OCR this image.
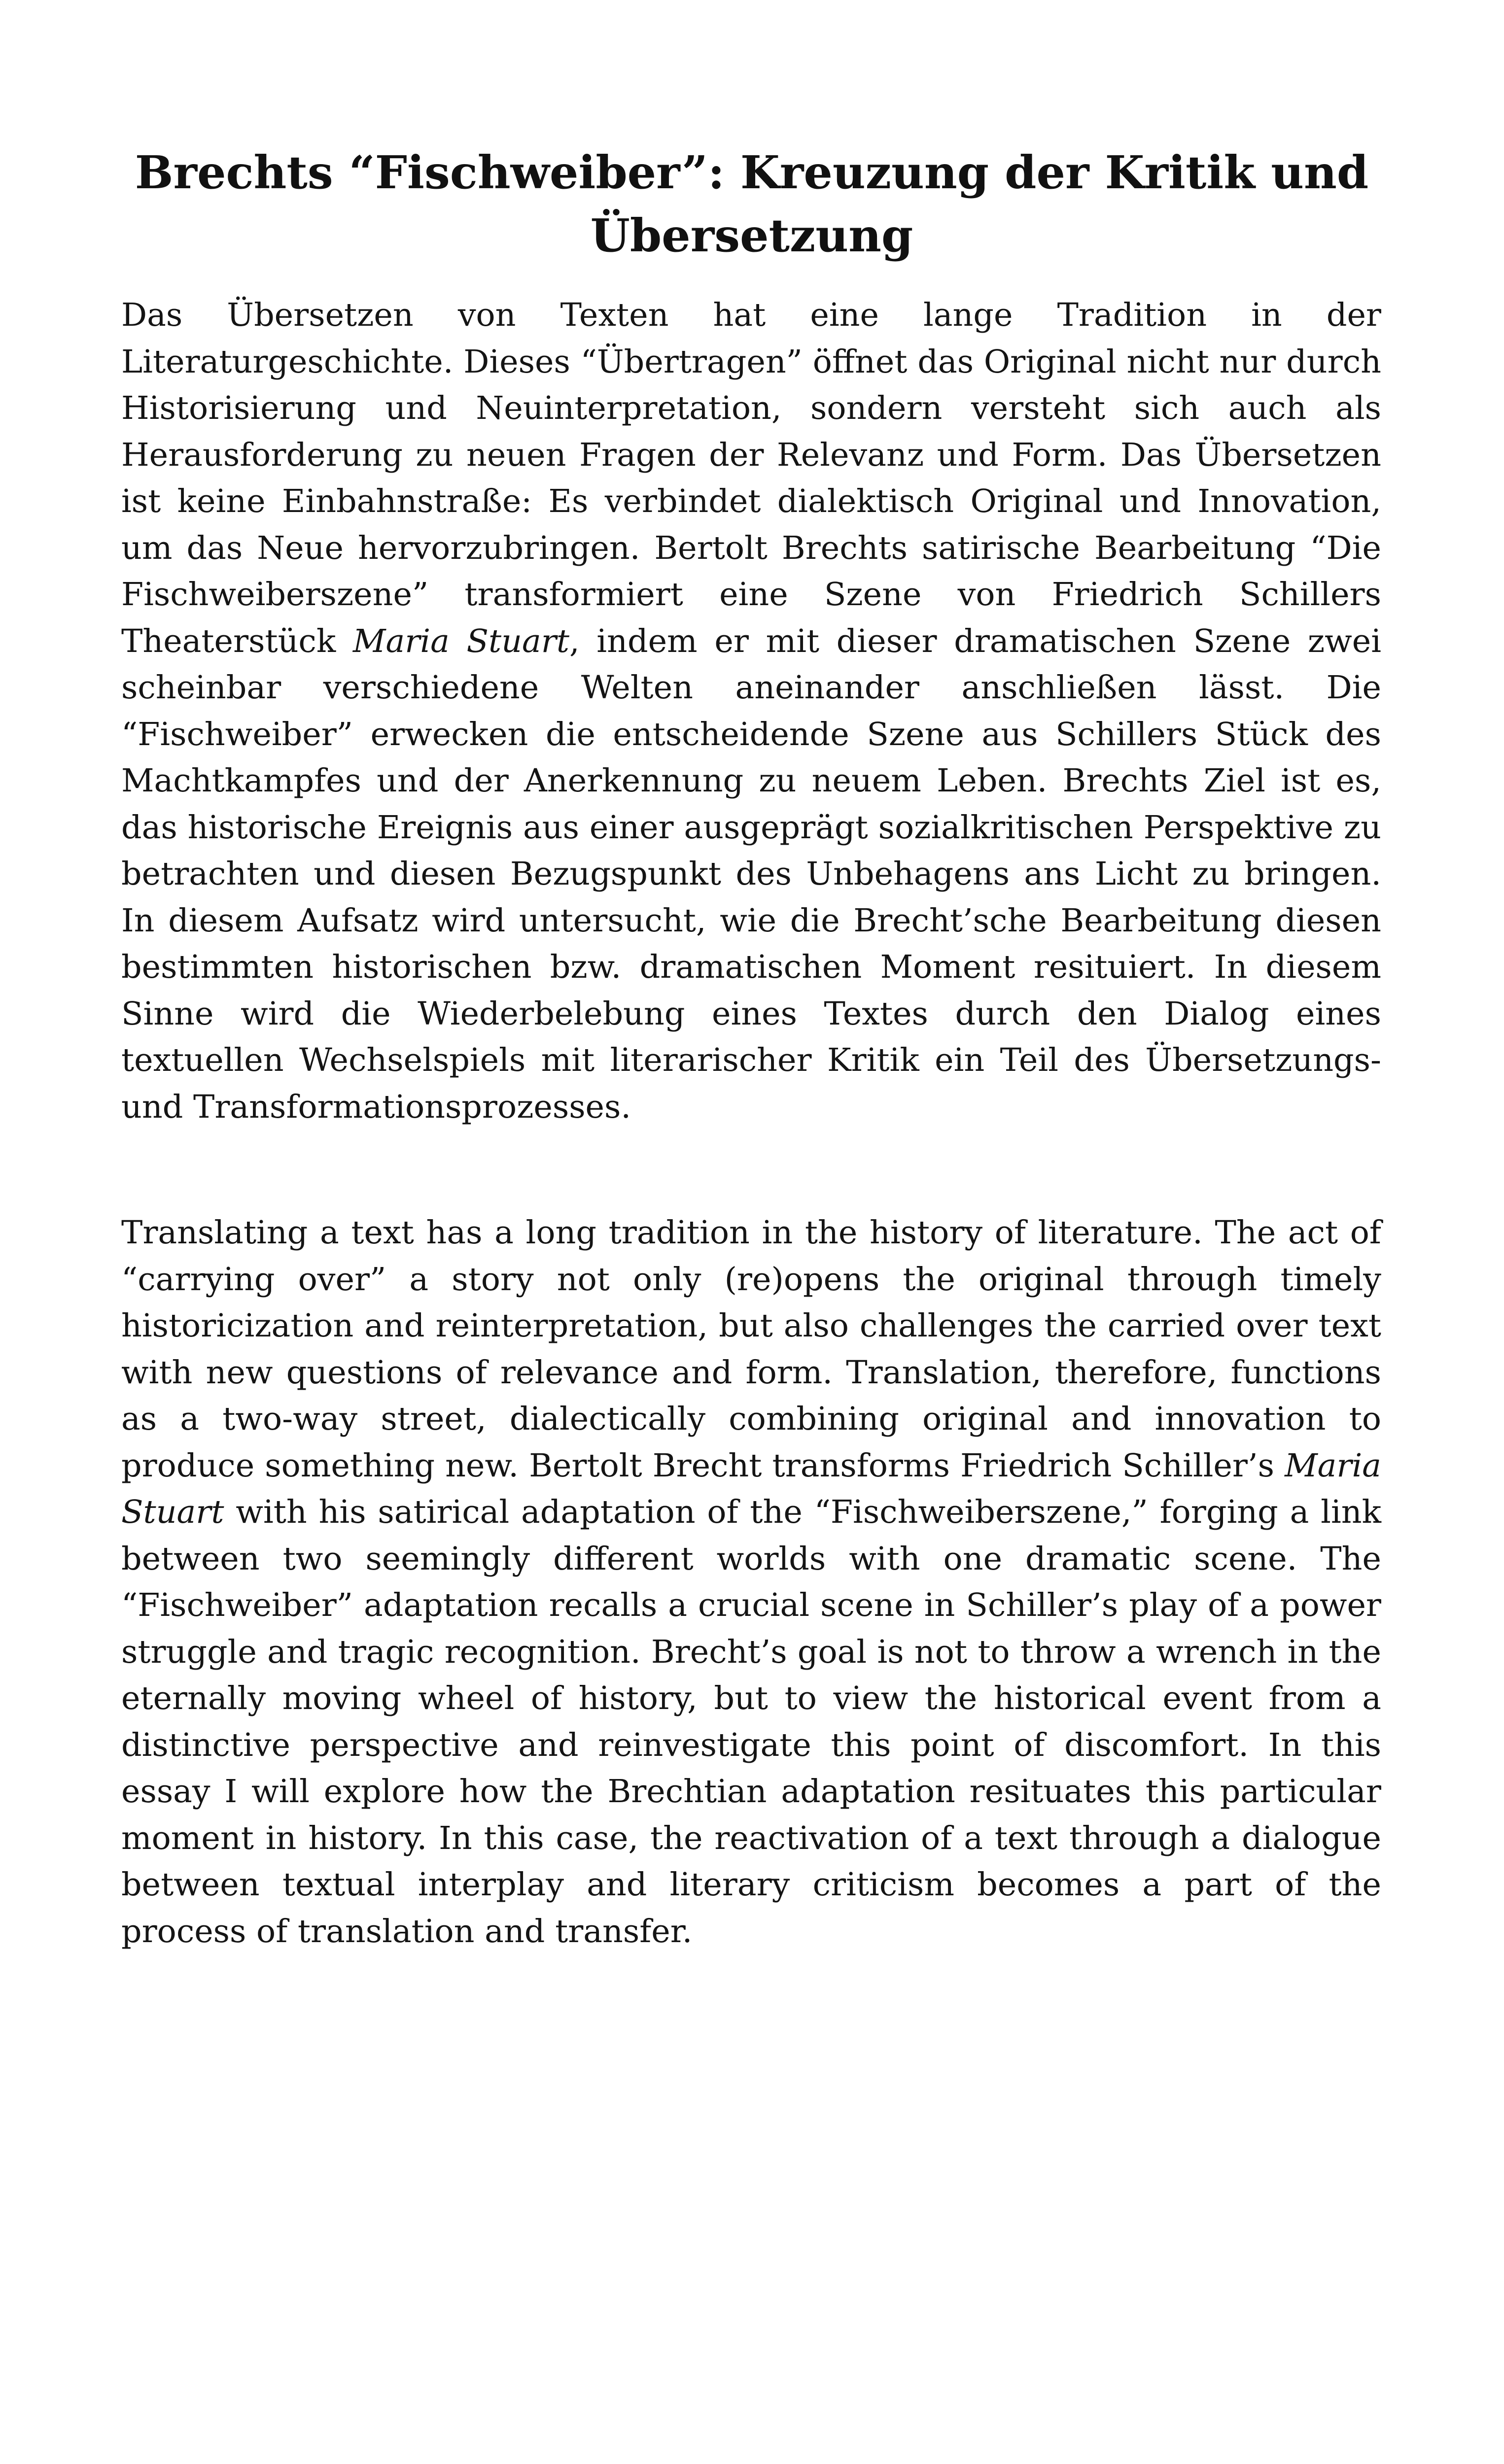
Brechts “Fischweiber”: Kreuzung der Kritik und Übersetzung

Das Übersetzen von Texten hat eine lange Tradition in der Literaturgeschichte. Dieses “Übertragen” öffnet das Original nicht nur durch Historisierung und Neuinterpretation, sondern versteht sich auch als Herausforderung zu neuen Fragen der Relevanz und Form. Das Übersetzen ist keine Einbahnstraße: Es verbindet dialektisch Original und Innovation, um das Neue hervorzubringen. Bertolt Brechts satirische Bearbeitung “Die Fischweiberszene” transformiert eine Szene von Friedrich Schillers Theaterstück Maria Stuart, indem er mit dieser dramatischen Szene zwei scheinbar verschiedene Welten aneinander anschließen lässt. Die “Fischweiber” erwecken die entscheidende Szene aus Schillers Stück des Machtkampfes und der Anerkennung zu neuem Leben. Brechts Ziel ist es, das historische Ereignis aus einer ausgeprägt sozialkritischen Perspektive zu betrachten und diesen Bezugspunkt des Unbehagens ans Licht zu bringen. In diesem Aufsatz wird untersucht, wie die Brecht’sche Bearbeitung diesen bestimmten historischen bzw. dramatischen Moment resituiert. In diesem Sinne wird die Wiederbelebung eines Textes durch den Dialog eines textuellen Wechselspiels mit literarischer Kritik ein Teil des Übersetzungs- und Transformationsprozesses.

Translating a text has a long tradition in the history of literature. The act of “carrying over” a story not only (re)opens the original through timely historicization and reinterpretation, but also challenges the carried over text with new questions of relevance and form. Translation, therefore, functions as a two-way street, dialectically combining original and innovation to produce something new. Bertolt Brecht transforms Friedrich Schiller’s Maria Stuart with his satirical adaptation of the “Fischweiberszene,” forging a link between two seemingly different worlds with one dramatic scene. The “Fischweiber” adaptation recalls a crucial scene in Schiller’s play of a power struggle and tragic recognition. Brecht’s goal is not to throw a wrench in the eternally moving wheel of history, but to view the historical event from a distinctive perspective and reinvestigate this point of discomfort. In this essay I will explore how the Brechtian adaptation resituates this particular moment in history. In this case, the reactivation of a text through a dialogue between textual interplay and literary criticism becomes a part of the process of translation and transfer.
